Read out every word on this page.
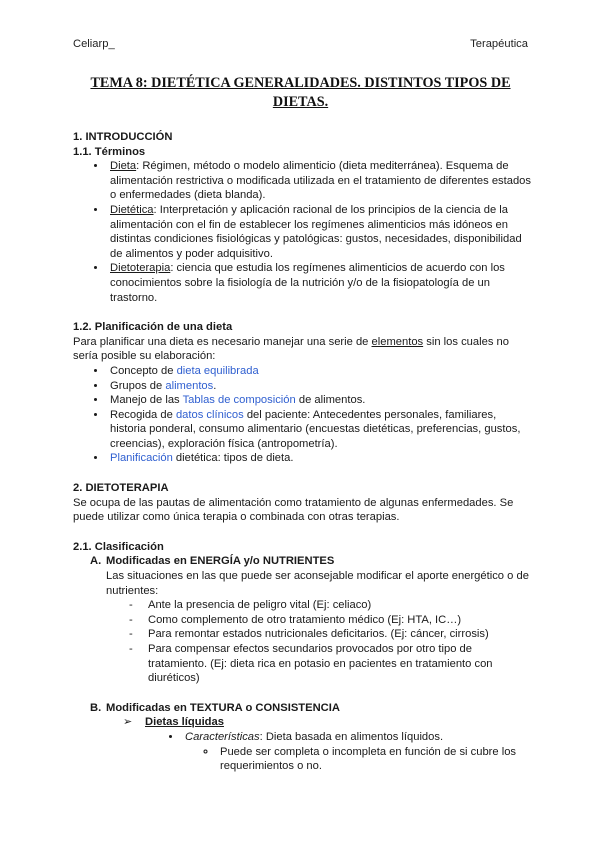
Celiarp_	Terapéutica
TEMA 8: DIETÉTICA GENERALIDADES. DISTINTOS TIPOS DE
DIETAS.
1. INTRODUCCIÓN
1.1. Términos
• Dieta: Régimen, método o modelo alimenticio (dieta mediterránea). Esquema de alimentación restrictiva o modificada utilizada en el tratamiento de diferentes estados o enfermedades (dieta blanda).
• Dietética: Interpretación y aplicación racional de los principios de la ciencia de la alimentación con el fin de establecer los regímenes alimenticios más idóneos en distintas condiciones fisiológicas y patológicas: gustos, necesidades, disponibilidad de alimentos y poder adquisitivo.
• Dietoterapia: ciencia que estudia los regímenes alimenticios de acuerdo con los conocimientos sobre la fisiología de la nutrición y/o de la fisiopatología de un trastorno.
1.2. Planificación de una dieta

Para planificar una dieta es necesario manejar una serie de elementos sin los cuales no sería posible su elaboración:

• Concepto de dieta equilibrada
• Grupos de alimentos.
• Manejo de las Tablas de composición de alimentos.
• Recogida de datos clínicos del paciente: Antecedentes personales, familiares, historia ponderal, consumo alimentario (encuestas dietéticas, preferencias, gustos, creencias), exploración física (antropometría).
• Planificación dietética: tipos de dieta.
2. DIETOTERAPIA

Se ocupa de las pautas de alimentación como tratamiento de algunas enfermedades. Se puede utilizar como única terapia o combinada con otras terapias.

2.1. Clasificación
A. Modificadas en ENERGÍA y/o NUTRIENTES

Las situaciones en las que puede ser aconsejable modificar el aporte energético o de nutrientes:

- Ante la presencia de peligro vital (Ej: celiaco)
- Como complemento de otro tratamiento médico (Ej: HTA, IC…)
- Para remontar estados nutricionales deficitarios. (Ej: cáncer, cirrosis)
- Para compensar efectos secundarios provocados por otro tipo de tratamiento. (Ej: dieta rica en potasio en pacientes en tratamiento con diuréticos)
B. Modificadas en TEXTURA o CONSISTENCIA
➢ Dietas líquidas
• Características: Dieta basada en alimentos líquidos.
◦ Puede ser completa o incompleta en función de si cubre los requerimientos o no.
